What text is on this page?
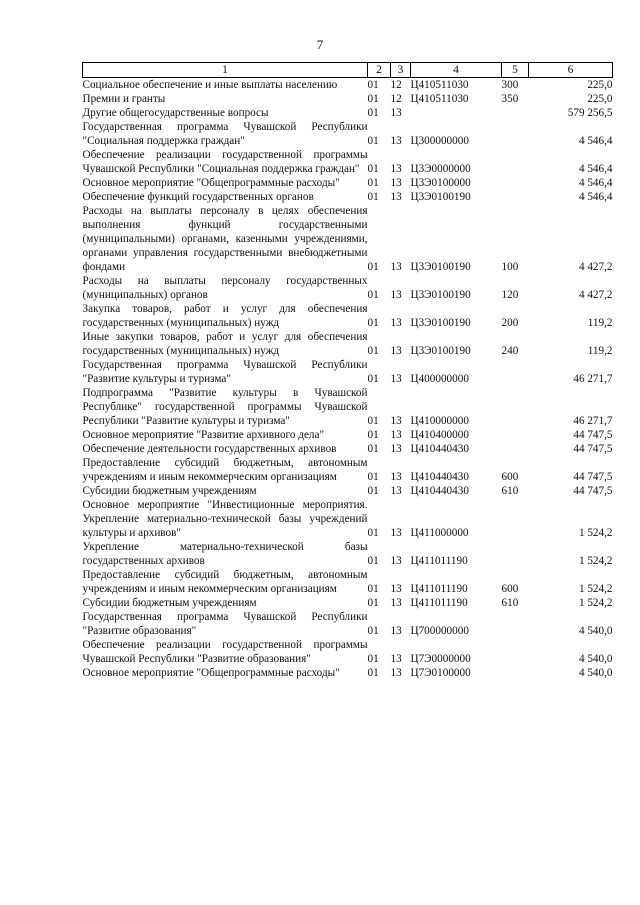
7
1	2	3	4	5	6
Социальное обеспечение и иные выплаты населению	01	12	Ц410511030	300	225,0
Премии и гранты	01	12	Ц410511030	350	225,0
Другие общегосударственные вопросы	01	13			579 256,5
Государственная программа Чувашской Республики "Социальная поддержка граждан"	01	13	Ц300000000		4 546,4
Обеспечение реализации государственной программы Чувашской Республики "Социальная поддержка граждан"	01	13	Ц3Э0000000		4 546,4
Основное мероприятие "Общепрограммные расходы"	01	13	Ц3Э0100000		4 546,4
Обеспечение функций государственных органов	01	13	Ц3Э0100190		4 546,4
Расходы на выплаты персоналу в целях обеспечения выполнения функций государственными (муниципальными) органами, казенными учреждениями, органами управления государственными внебюджетными фондами	01	13	Ц3Э0100190	100	4 427,2
Расходы на выплаты персоналу государственных (муниципальных) органов	01	13	Ц3Э0100190	120	4 427,2
Закупка товаров, работ и услуг для обеспечения государственных (муниципальных) нужд	01	13	Ц3Э0100190	200	119,2
Иные закупки товаров, работ и услуг для обеспечения государственных (муниципальных) нужд	01	13	Ц3Э0100190	240	119,2
Государственная программа Чувашской Республики "Развитие культуры и туризма"	01	13	Ц400000000		46 271,7
Подпрограмма "Развитие культуры в Чувашской Республике" государственной программы Чувашской Республики "Развитие культуры и туризма"	01	13	Ц410000000		46 271,7
Основное мероприятие "Развитие архивного дела"	01	13	Ц410400000		44 747,5
Обеспечение деятельности государственных архивов	01	13	Ц410440430		44 747,5
Предоставление субсидий бюджетным, автономным учреждениям и иным некоммерческим организациям	01	13	Ц410440430	600	44 747,5
Субсидии бюджетным учреждениям	01	13	Ц410440430	610	44 747,5
Основное мероприятие "Инвестиционные мероприятия. Укрепление материально-технической базы учреждений культуры и архивов"	01	13	Ц411000000		1 524,2
Укрепление материально-технической базы государственных архивов	01	13	Ц411011190		1 524,2
Предоставление субсидий бюджетным, автономным учреждениям и иным некоммерческим организациям	01	13	Ц411011190	600	1 524,2
Субсидии бюджетным учреждениям	01	13	Ц411011190	610	1 524,2
Государственная программа Чувашской Республики "Развитие образования"	01	13	Ц700000000		4 540,0
Обеспечение реализации государственной программы Чувашской Республики "Развитие образования"	01	13	Ц7Э0000000		4 540,0
Основное мероприятие "Общепрограммные расходы"	01	13	Ц7Э0100000		4 540,0
